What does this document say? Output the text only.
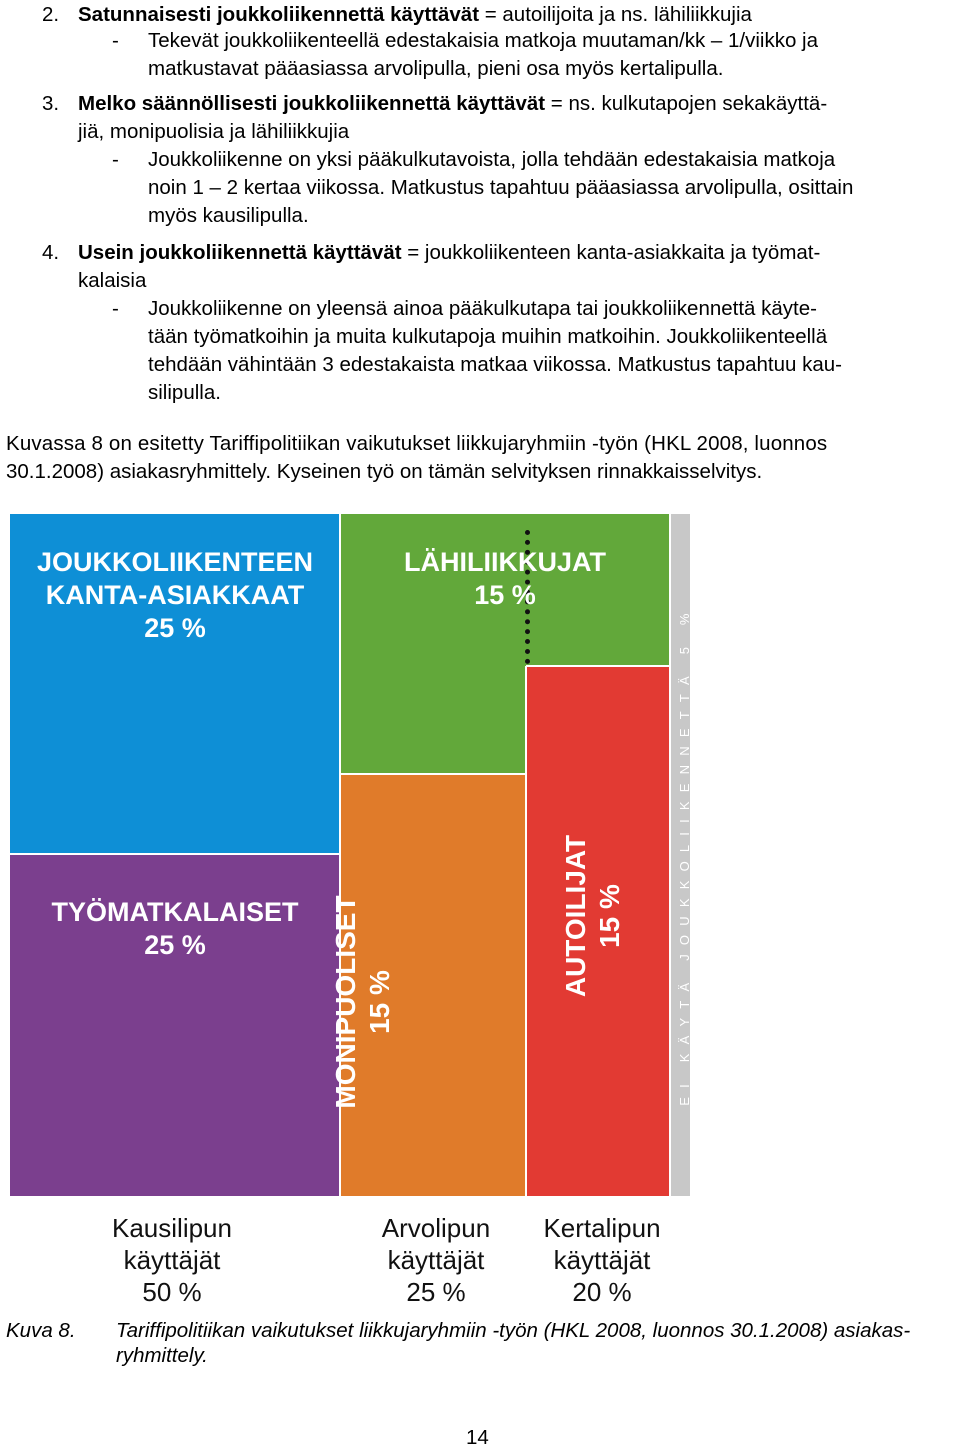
2. Satunnaisesti joukkoliikennettä käyttävät = autoilijoita ja ns. lähiliikkujia
- Tekevät joukkoliikenteellä edestakaisia matkoja muutaman/kk – 1/viikko ja
matkustavat pääasiassa arvolipulla, pieni osa myös kertalipulla.
3. Melko säännöllisesti joukkoliikennettä käyttävät = ns. kulkutapojen sekakäyttä-
jiä, monipuolisia ja lähiliikkujia
- Joukkoliikenne on yksi pääkulkutavoista, jolla tehdään edestakaisia matkoja
noin 1 – 2 kertaa viikossa. Matkustus tapahtuu pääasiassa arvolipulla, osittain
myös kausilipulla.
4. Usein joukkoliikennettä käyttävät = joukkoliikenteen kanta-asiakkaita ja työmat-
kalaisia
- Joukkoliikenne on yleensä ainoa pääkulkutapa tai joukkoliikennettä käyte-
tään työmatkoihin ja muita kulkutapoja muihin matkoihin. Joukkoliikenteellä
tehdään vähintään 3 edestakaista matkaa viikossa. Matkustus tapahtuu kau-
silipulla.
Kuvassa 8 on esitetty Tariffipolitiikan vaikutukset liikkujaryhmiin -työn (HKL 2008, luonnos
30.1.2008) asiakasryhmittely. Kyseinen työ on tämän selvityksen rinnakkaisselvitys.
JOUKKOLIIKENTEEN
KANTA-ASIAKKAAT
25 %
TYÖMATKALAISET
25 %
LÄHILIIKKUJAT
15 %
MONIPUOLISET 15 %
AUTOILIJAT 15 %	EI KÄYTÄ JOUKKOLIIKENNETTÄ 5 %
Kausilipun
käyttäjät
50 %
Arvolipun
käyttäjät
25 %
Kertalipun
käyttäjät
20 %
Kuva 8. Tariffipolitiikan vaikutukset liikkujaryhmiin -työn (HKL 2008, luonnos 30.1.2008) asiakas-
ryhmittely.
14
